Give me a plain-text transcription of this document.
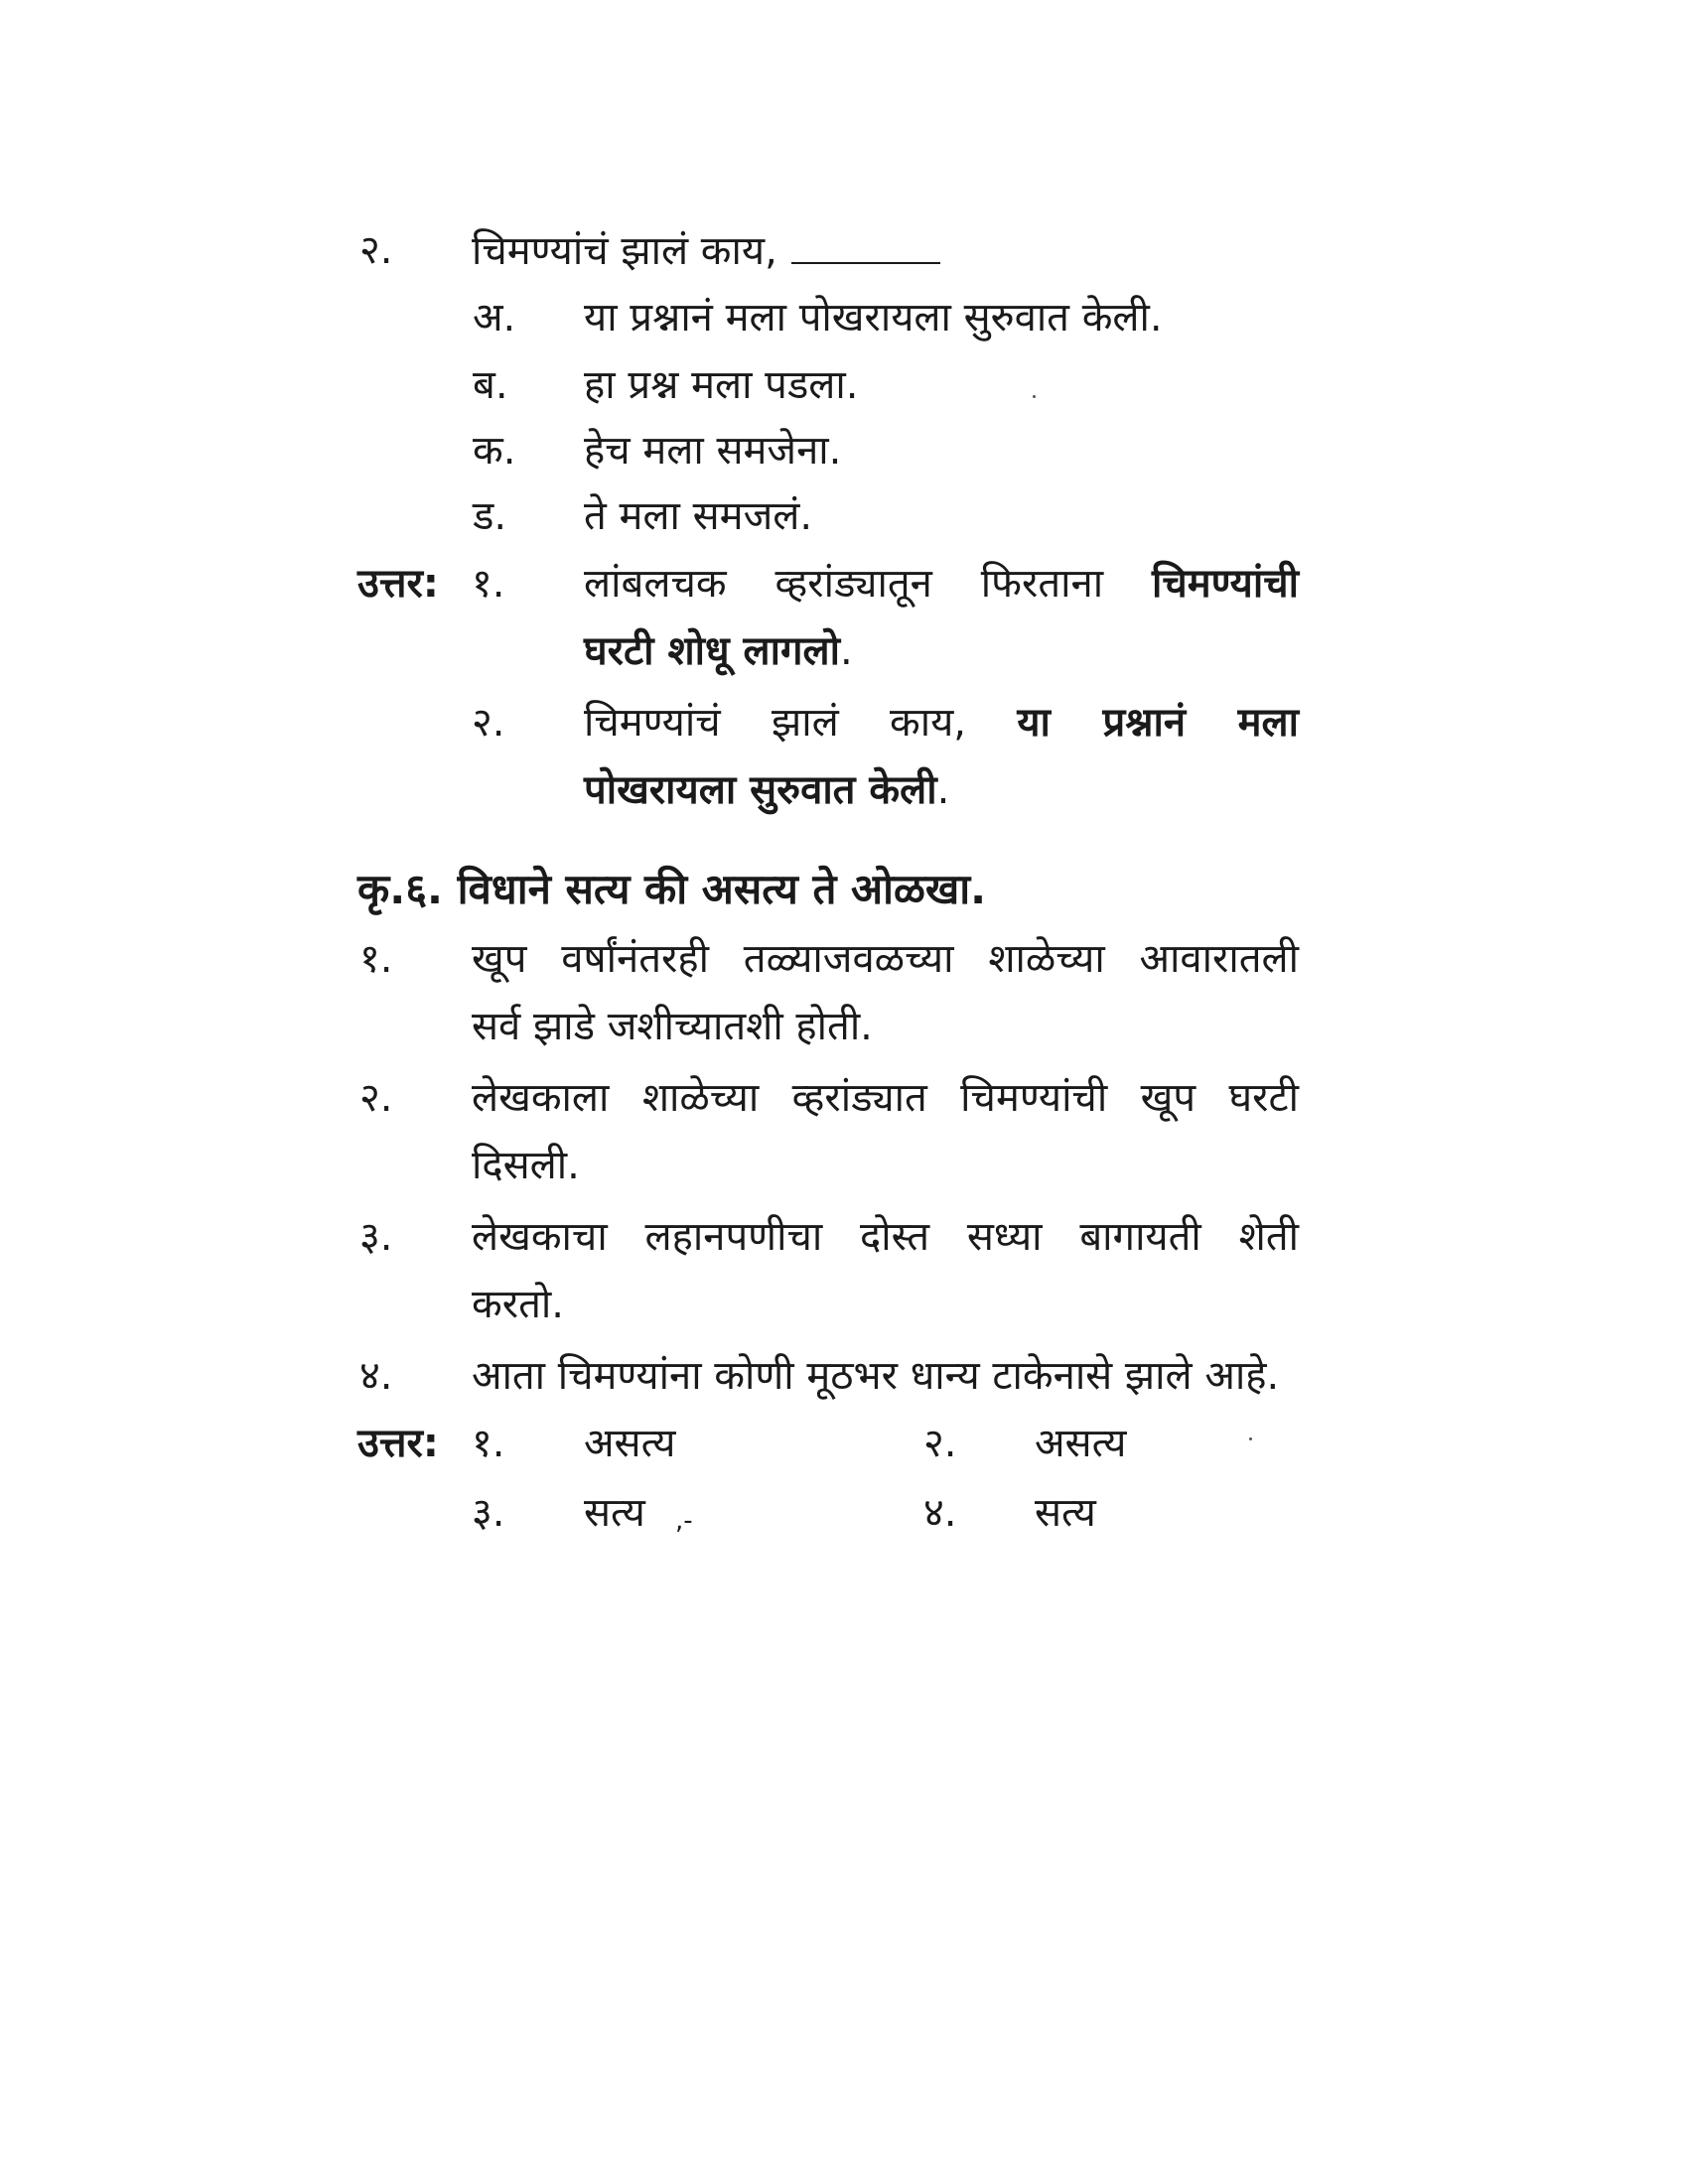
२. चिमण्यांचं झालं काय,
अ. या प्रश्नानं मला पोखरायला सुरुवात केली.
ब. हा प्रश्न मला पडला.
क. हेच मला समजेना.
ड. ते मला समजलं.
उत्तर: १. लांबलचक व्हरांड्यातून फिरताना चिमण्यांची
घरटी शोधू लागलो.
२. चिमण्यांचं झालं काय, या प्रश्नानं मला
पोखरायला सुरुवात केली.
कृ.६. विधाने सत्य की असत्य ते ओळखा.
१. खूप वर्षांनंतरही तळ्याजवळच्या शाळेच्या आवारातली
सर्व झाडे जशीच्यातशी होती.
२. लेखकाला शाळेच्या व्हरांड्यात चिमण्यांची खूप घरटी
दिसली.
३. लेखकाचा लहानपणीचा दोस्त सध्या बागायती शेती
करतो.
४. आता चिमण्यांना कोणी मूठभर धान्य टाकेनासे झाले आहे.
उत्तर: १. असत्य	२. असत्य
३. सत्य ,-	४. सत्य
